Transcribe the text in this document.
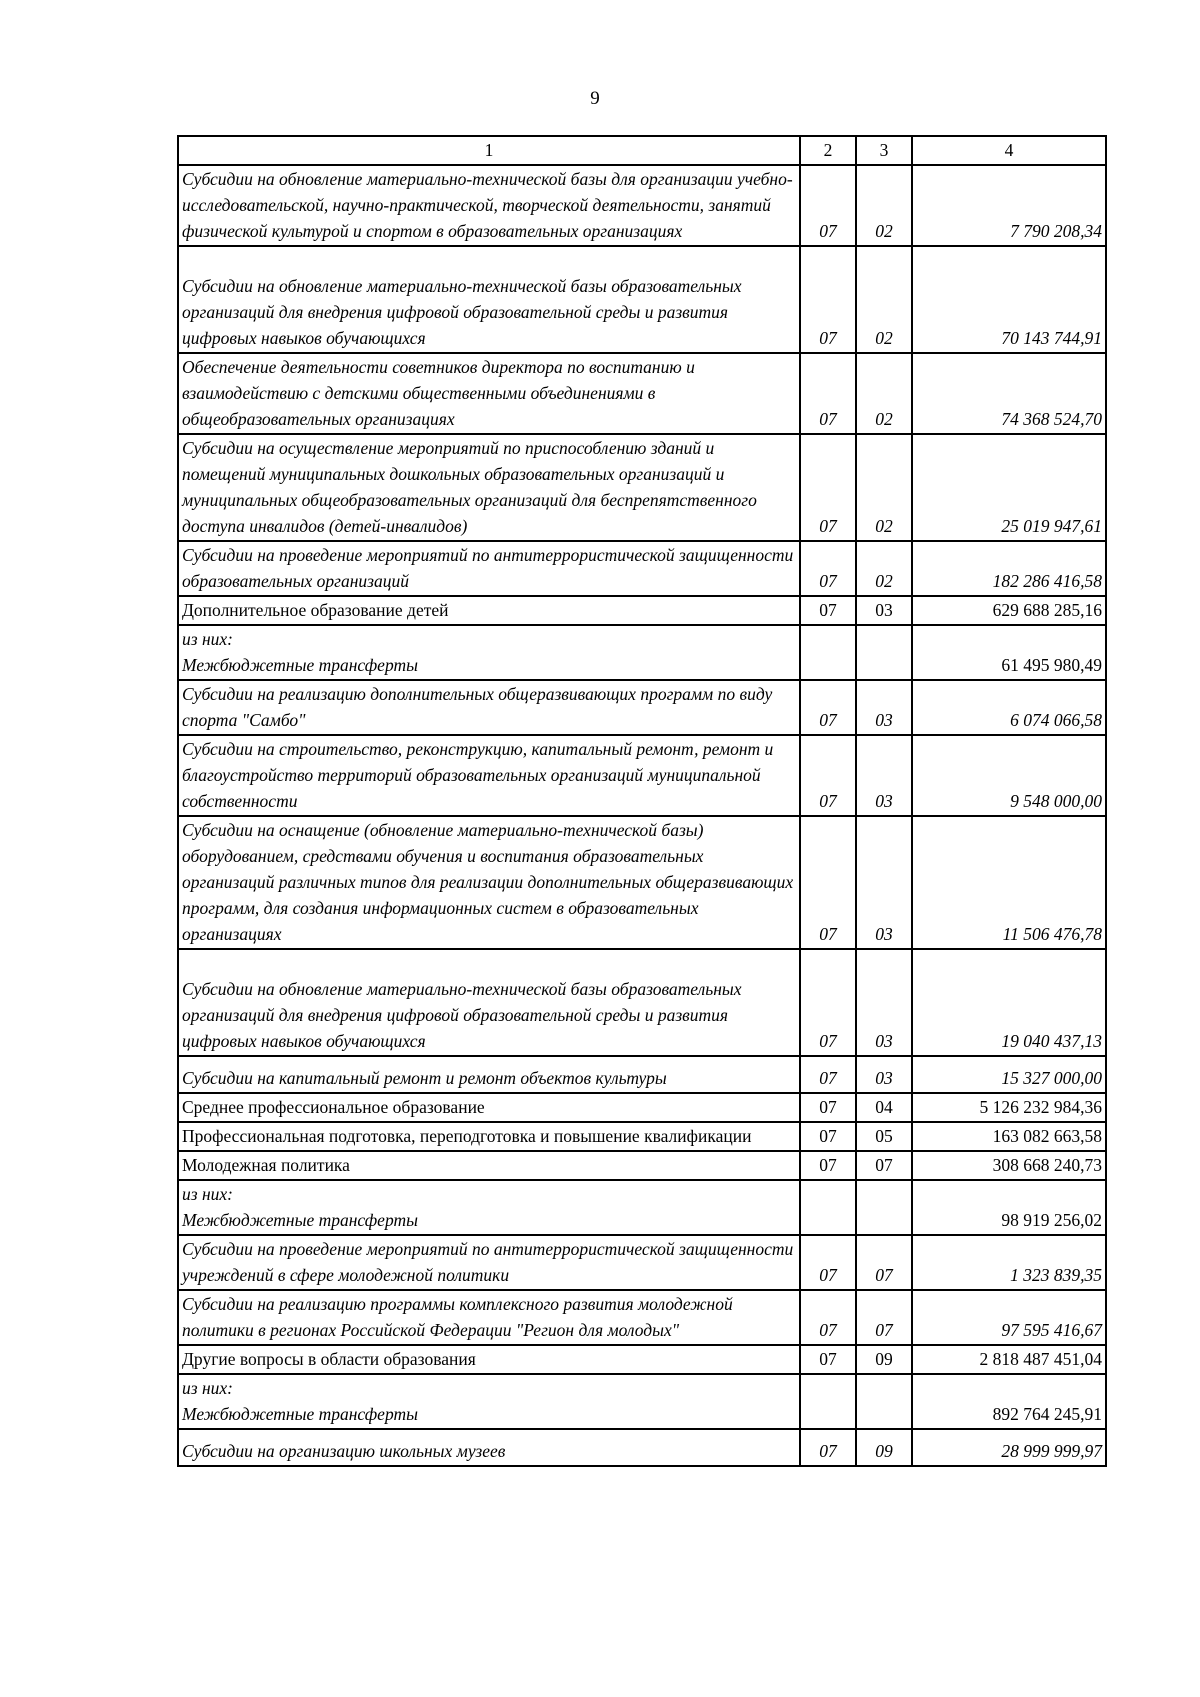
9
1	2	3	4

Субсидии на обновление материально-технической базы для организации учебно-исследовательской, научно-практической, творческой деятельности, занятий физической культурой и спортом в образовательных организациях	07	02	7 790 208,34

Субсидии на обновление материально-технической базы образовательных организаций для внедрения цифровой образовательной среды и развития цифровых навыков обучающихся	07	02	70 143 744,91

Обеспечение деятельности советников директора по воспитанию и взаимодействию с детскими общественными объединениями в общеобразовательных организациях	07	02	74 368 524,70

Субсидии на осуществление мероприятий по приспособлению зданий и помещений муниципальных дошкольных образовательных организаций и муниципальных общеобразовательных организаций для беспрепятственного доступа инвалидов (детей-инвалидов)	07	02	25 019 947,61

Субсидии на проведение мероприятий по антитеррористической защищенности образовательных организаций	07	02	182 286 416,58

Дополнительное образование детей	07	03	629 688 285,16

из них:
Межбюджетные трансферты			61 495 980,49

Субсидии на реализацию дополнительных общеразвивающих программ по виду спорта "Самбо"	07	03	6 074 066,58

Субсидии на строительство, реконструкцию, капитальный ремонт, ремонт и благоустройство территорий образовательных организаций муниципальной собственности	07	03	9 548 000,00

Субсидии на оснащение (обновление материально-технической базы) оборудованием, средствами обучения и воспитания образовательных организаций различных типов для реализации дополнительных общеразвивающих программ, для создания информационных систем в образовательных организациях	07	03	11 506 476,78

Субсидии на обновление материально-технической базы образовательных организаций для внедрения цифровой образовательной среды и развития цифровых навыков обучающихся	07	03	19 040 437,13

Субсидии на капитальный ремонт и ремонт объектов культуры	07	03	15 327 000,00

Среднее профессиональное образование	07	04	5 126 232 984,36

Профессиональная подготовка, переподготовка и повышение квалификации	07	05	163 082 663,58

Молодежная политика	07	07	308 668 240,73

из них:
Межбюджетные трансферты			98 919 256,02

Субсидии на проведение мероприятий по антитеррористической защищенности учреждений в сфере молодежной политики	07	07	1 323 839,35

Субсидии на реализацию программы комплексного развития молодежной политики в регионах Российской Федерации "Регион для молодых"	07	07	97 595 416,67

Другие вопросы в области образования	07	09	2 818 487 451,04

из них:
Межбюджетные трансферты			892 764 245,91

Субсидии на организацию школьных музеев	07	09	28 999 999,97
